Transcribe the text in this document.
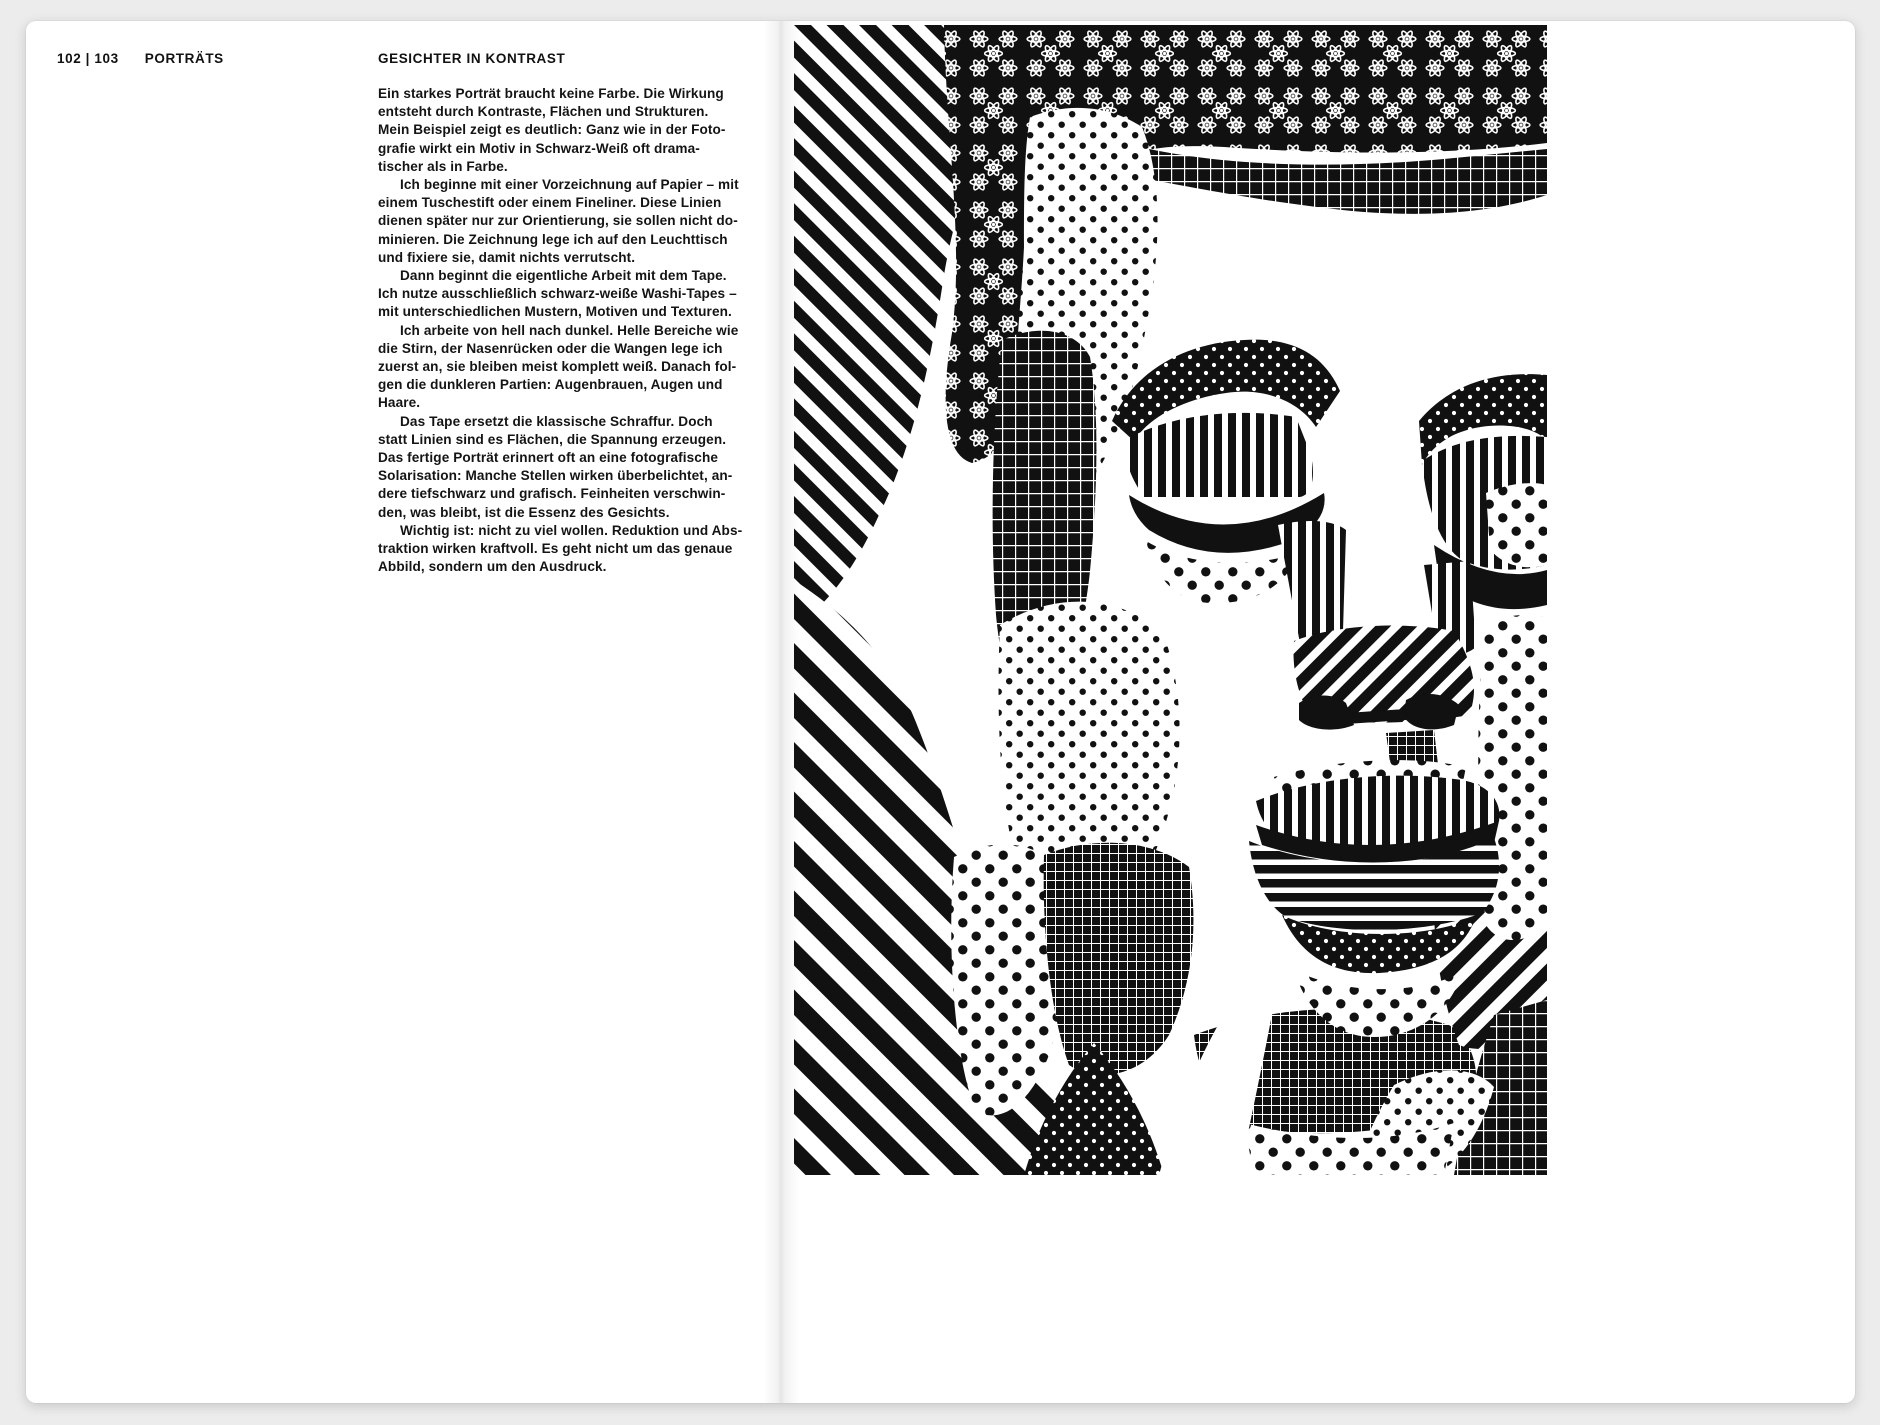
102 | 103 PORTRÄTS	GESICHTER IN KONTRAST
Ein starkes Porträt braucht keine Farbe. Die Wirkung
entsteht durch Kontraste, Flächen und Strukturen.
Mein Beispiel zeigt es deutlich: Ganz wie in der Foto-
grafie wirkt ein Motiv in Schwarz-Weiß oft drama-
tischer als in Farbe.
Ich beginne mit einer Vorzeichnung auf Papier – mit
einem Tuschestift oder einem Fineliner. Diese Linien
dienen später nur zur Orientierung, sie sollen nicht do-
minieren. Die Zeichnung lege ich auf den Leuchttisch
und fixiere sie, damit nichts verrutscht.
Dann beginnt die eigentliche Arbeit mit dem Tape.
Ich nutze ausschließlich schwarz-weiße Washi-Tapes –
mit unterschiedlichen Mustern, Motiven und Texturen.
Ich arbeite von hell nach dunkel. Helle Bereiche wie
die Stirn, der Nasenrücken oder die Wangen lege ich
zuerst an, sie bleiben meist komplett weiß. Danach fol-
gen die dunkleren Partien: Augenbrauen, Augen und
Haare.
Das Tape ersetzt die klassische Schraffur. Doch
statt Linien sind es Flächen, die Spannung erzeugen.
Das fertige Porträt erinnert oft an eine fotografische
Solarisation: Manche Stellen wirken überbelichtet, an-
dere tiefschwarz und grafisch. Feinheiten verschwin-
den, was bleibt, ist die Essenz des Gesichts.
Wichtig ist: nicht zu viel wollen. Reduktion und Abs-
traktion wirken kraftvoll. Es geht nicht um das genaue
Abbild, sondern um den Ausdruck.
